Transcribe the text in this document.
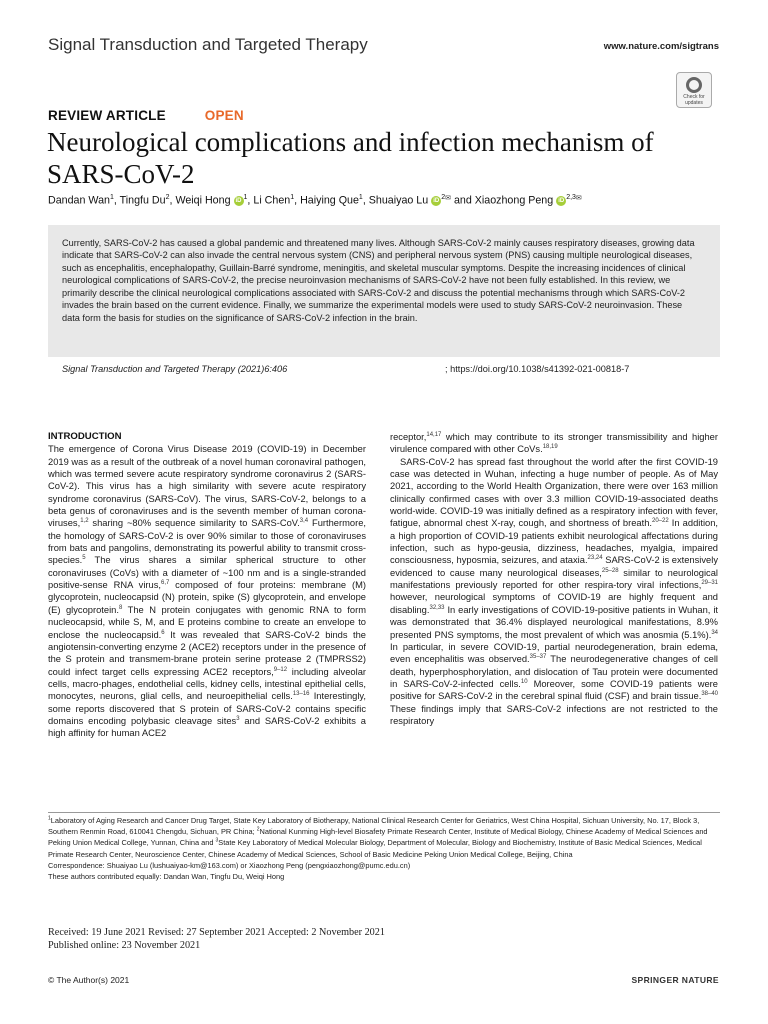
Signal Transduction and Targeted Therapy	www.nature.com/sigtrans
Check for updates
REVIEW ARTICLE	OPEN
Neurological complications and infection mechanism of SARS-CoV-2
Dandan Wan$^1$, Tingfu Du$^2$, Weiqi Hong iD $^1$, Li Chen$^1$, Haiying Que$^1$, Shuaiyao Lu iD $^{2✉}$ and Xiaozhong Peng iD $^{2,3✉}$
Currently, SARS-CoV-2 has caused a global pandemic and threatened many lives. Although SARS-CoV-2 mainly causes respiratory diseases, growing data indicate that SARS-CoV-2 can also invade the central nervous system (CNS) and peripheral nervous system (PNS) causing multiple neurological diseases, such as encephalitis, encephalopathy, Guillain-Barré syndrome, meningitis, and skeletal muscular symptoms. Despite the increasing incidences of clinical neurological complications of SARS-CoV-2, the precise neuroinvasion mechanisms of SARS-CoV-2 have not been fully established. In this review, we primarily describe the clinical neurological complications associated with SARS-CoV-2 and discuss the potential mechanisms through which SARS-CoV-2 invades the brain based on the current evidence. Finally, we summarize the experimental models were used to study SARS-CoV-2 neuroinvasion. These data form the basis for studies on the significance of SARS-CoV-2 infection in the brain.
Signal Transduction and Targeted Therapy (2021)6:406	; https://doi.org/10.1038/s41392-021-00818-7
INTRODUCTION

The emergence of Corona Virus Disease 2019 (COVID-19) in December 2019 was as a result of the outbreak of a novel human coronaviral pathogen, which was termed severe acute respiratory syndrome coronavirus 2 (SARS-CoV-2). This virus has a high similarity with severe acute respiratory syndrome coronavirus (SARS-CoV). The virus, SARS-CoV-2, belongs to a beta genus of coronaviruses and is the seventh member of human corona-viruses,$^{1,2}$ sharing ~80% sequence similarity to SARS-CoV.$^{3,4}$ Furthermore, the homology of SARS-CoV-2 is over 90% similar to those of coronaviruses from bats and pangolins, demonstrating its powerful ability to transmit cross-species.$^5$ The virus shares a similar spherical structure to other coronaviruses (CoVs) with a diameter of ~100 nm and is a single-stranded positive-sense RNA virus,$^{6,7}$ composed of four proteins: membrane (M) glycoprotein, nucleocapsid (N) protein, spike (S) glycoprotein, and envelope (E) glycoprotein.$^8$ The N protein conjugates with genomic RNA to form nucleocapsid, while S, M, and E proteins combine to create an envelope to enclose the nucleocapsid.$^6$ It was revealed that SARS-CoV-2 binds the angiotensin-converting enzyme 2 (ACE2) receptors under in the presence of the S protein and transmem-brane protein serine protease 2 (TMPRSS2) could infect target cells expressing ACE2 receptors,$^{9-12}$ including alveolar cells, macro-phages, endothelial cells, kidney cells, intestinal epithelial cells, monocytes, neurons, glial cells, and neuroepithelial cells.$^{13-16}$ Interestingly, some reports discovered that S protein of SARS-CoV-2 contains specific domains encoding polybasic cleavage sites$^3$ and SARS-CoV-2 exhibits a high affinity for human ACE2

receptor,$^{14,17}$ which may contribute to its stronger transmissibility and higher virulence compared with other CoVs.$^{18,19}$

SARS-CoV-2 has spread fast throughout the world after the first COVID-19 case was detected in Wuhan, infecting a huge number of people. As of May 2021, according to the World Health Organization, there were over 163 million clinically confirmed cases with over 3.3 million COVID-19-associated deaths world-wide. COVID-19 was initially defined as a respiratory infection with fever, fatigue, abnormal chest X-ray, cough, and shortness of breath.$^{20-22}$ In addition, a high proportion of COVID-19 patients exhibit neurological affectations during infection, such as hypo-geusia, dizziness, headaches, myalgia, impaired consciousness, hyposmia, seizures, and ataxia.$^{23,24}$ SARS-CoV-2 is extensively evidenced to cause many neurological diseases,$^{25-28}$ similar to neurological manifestations previously reported for other respira-tory viral infections,$^{29-31}$ however, neurological symptoms of COVID-19 are highly frequent and disabling.$^{32,33}$ In early investigations of COVID-19-positive patients in Wuhan, it was demonstrated that 36.4% displayed neurological manifestations, 8.9% presented PNS symptoms, the most prevalent of which was anosmia (5.1%).$^{34}$ In particular, in severe COVID-19, partial neurodegeneration, brain edema, even encephalitis was observed.$^{35-37}$ The neurodegenerative changes of cell death, hyperphosphorylation, and dislocation of Tau protein were documented in SARS-CoV-2-infected cells.$^{10}$ Moreover, some COVID-19 patients were positive for SARS-CoV-2 in the cerebral spinal fluid (CSF) and brain tissue.$^{38-40}$ These findings imply that SARS-CoV-2 infections are not restricted to the respiratory

$^1$Laboratory of Aging Research and Cancer Drug Target, State Key Laboratory of Biotherapy, National Clinical Research Center for Geriatrics, West China Hospital, Sichuan University, No. 17, Block 3, Southern Renmin Road, 610041 Chengdu, Sichuan, PR China; $^2$National Kunming High-level Biosafety Primate Research Center, Institute of Medical Biology, Chinese Academy of Medical Sciences and Peking Union Medical College, Yunnan, China and $^3$State Key Laboratory of Medical Molecular Biology, Department of Molecular, Biology and Biochemistry, Institute of Basic Medical Sciences, Medical Primate Research Center, Neuroscience Center, Chinese Academy of Medical Sciences, School of Basic Medicine Peking Union Medical College, Beijing, China

Correspondence: Shuaiyao Lu (lushuaiyao-km@163.com) or Xiaozhong Peng (pengxiaozhong@pumc.edu.cn)

These authors contributed equally: Dandan Wan, Tingfu Du, Weiqi Hong

Received: 19 June 2021 Revised: 27 September 2021 Accepted: 2 November 2021

Published online: 23 November 2021

© The Author(s) 2021	SPRINGER NATURE
